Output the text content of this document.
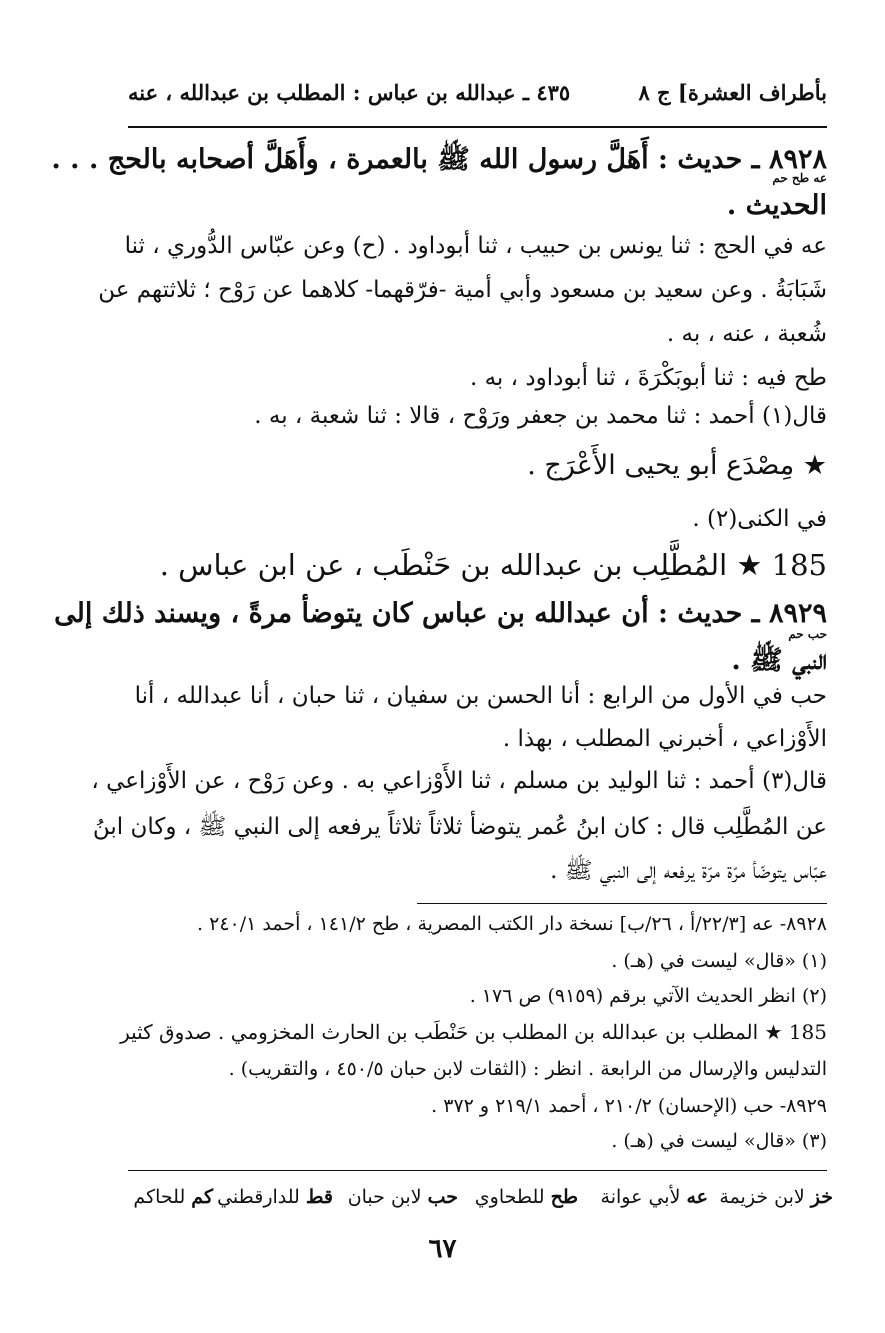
بأطراف العشرة] ج ٨
٤٣٥ ـ عبدالله بن عباس : المطلب بن عبدالله ، عنه
٨٩٢٨ ـ حديث : أَهَلَّ رسول الله ﷺ بالعمرة ، وأَهَلَّ أصحابه بالحج . . .
عه طح حم
الحديث .
عه في الحج : ثنا يونس بن حبيب ، ثنا أبوداود . (ح) وعن عبّاس الدُّوري ، ثنا
شَبَابَةُ . وعن سعيد بن مسعود وأبي أمية -فرّقهما- كلاهما عن رَوْح ؛ ثلاثتهم عن
شُعبة ، عنه ، به .
طح فيه : ثنا أبوبَكْرَةَ ، ثنا أبوداود ، به .
قال(١) أحمد : ثنا محمد بن جعفر ورَوْح ، قالا : ثنا شعبة ، به .
★ مِصْدَع أبو يحيى الأَعْرَج .
في الكنى(٢) .
185 ★ المُطَّلِب بن عبدالله بن حَنْطَب ، عن ابن عباس .
٨٩٢٩ ـ حديث : أن عبدالله بن عباس كان يتوضأ مرةً ، ويسند ذلك إلى
حب حم
النبي ﷺ .
حب في الأول من الرابع : أنا الحسن بن سفيان ، ثنا حبان ، أنا عبدالله ، أنا
الأَوْزاعي ، أخبرني المطلب ، بهذا .
قال(٣) أحمد : ثنا الوليد بن مسلم ، ثنا الأَوْزاعي به . وعن رَوْح ، عن الأَوْزاعي ،
عن المُطَّلِب قال : كان ابنُ عُمر يتوضأ ثلاثاً ثلاثاً يرفعه إلى النبي ﷺ ، وكان ابنُ
عبّاس يتوضّأ مرّة مرّة يرفعه إلى النبي ﷺ .
٨٩٢٨- عه [٢٢/٣/أ ، ٢٦/ب] نسخة دار الكتب المصرية ، طح ١٤١/٢ ، أحمد ٢٤٠/١ .
(١) «قال» ليست في (هـ) .
(٢) انظر الحديث الآتي برقم (٩١٥٩) ص ١٧٦ .
185 ★ المطلب بن عبدالله بن المطلب بن حَنْطَب بن الحارث المخزومي . صدوق كثير
التدليس والإرسال من الرابعة . انظر : (الثقات لابن حبان ٤٥٠/٥ ، والتقريب) .
٨٩٢٩- حب (الإحسان) ٢١٠/٢ ، أحمد ٢١٩/١ و ٣٧٢ .
(٣) «قال» ليست في (هـ) .
خز لابن خزيمة
عه لأبي عوانة
طح للطحاوي
حب لابن حبان
قط للدارقطني
كم للحاكم
٦٧
